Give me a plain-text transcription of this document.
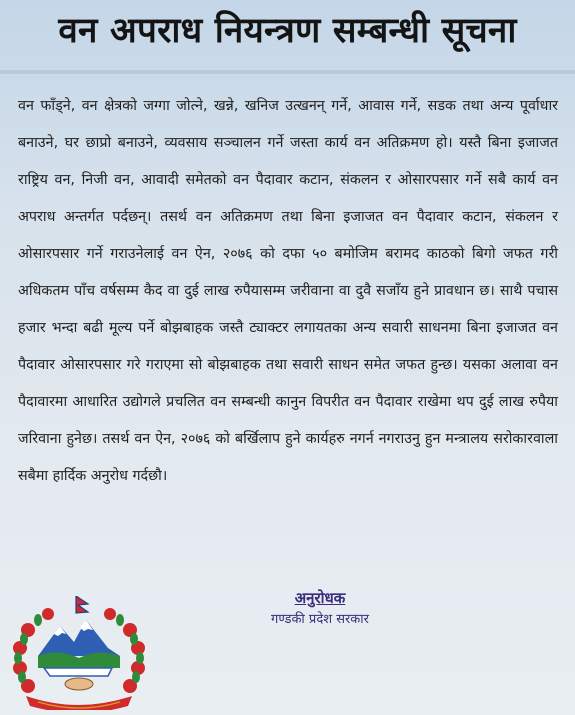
वन अपराध नियन्त्रण सम्बन्धी सूचना

वन फाँड्ने, वन क्षेत्रको जग्गा जोत्ने, खन्ने, खनिज उत्खनन् गर्ने, आवास गर्ने, सडक तथा अन्य पूर्वाधार बनाउने, घर छाप्रो बनाउने, व्यवसाय सञ्चालन गर्ने जस्ता कार्य वन अतिक्रमण हो। यस्तै बिना इजाजत राष्ट्रिय वन, निजी वन, आवादी समेतको वन पैदावार कटान, संकलन र ओसारपसार गर्ने सबै कार्य वन अपराध अन्तर्गत पर्दछन्। तसर्थ वन अतिक्रमण तथा बिना इजाजत वन पैदावार कटान, संकलन र ओसारपसार गर्ने गराउनेलाई वन ऐन, २०७६ को दफा ५० बमोजिम बरामद काठको बिगो जफत गरी अधिकतम पाँच वर्षसम्म कैद वा दुई लाख रुपैयासम्म जरीवाना वा दुवै सजाँय हुने प्रावधान छ। साथै पचास हजार भन्दा बढी मूल्य पर्ने बोझबाहक जस्तै ट्याक्टर लगायतका अन्य सवारी साधनमा बिना इजाजत वन पैदावार ओसारपसार गरे गराएमा सो बोझबाहक तथा सवारी साधन समेत जफत हुन्छ। यसका अलावा वन पैदावारमा आधारित उद्योगले प्रचलित वन सम्बन्धी कानुन विपरीत वन पैदावार राखेमा थप दुई लाख रुपैया जरिवाना हुनेछ। तसर्थ वन ऐन, २०७६ को बर्खिलाप हुने कार्यहरु नगर्न नगराउनु हुन मन्त्रालय सरोकारवाला सबैमा हार्दिक अनुरोध गर्दछौ।

अनुरोधक
गण्डकी प्रदेश सरकार
